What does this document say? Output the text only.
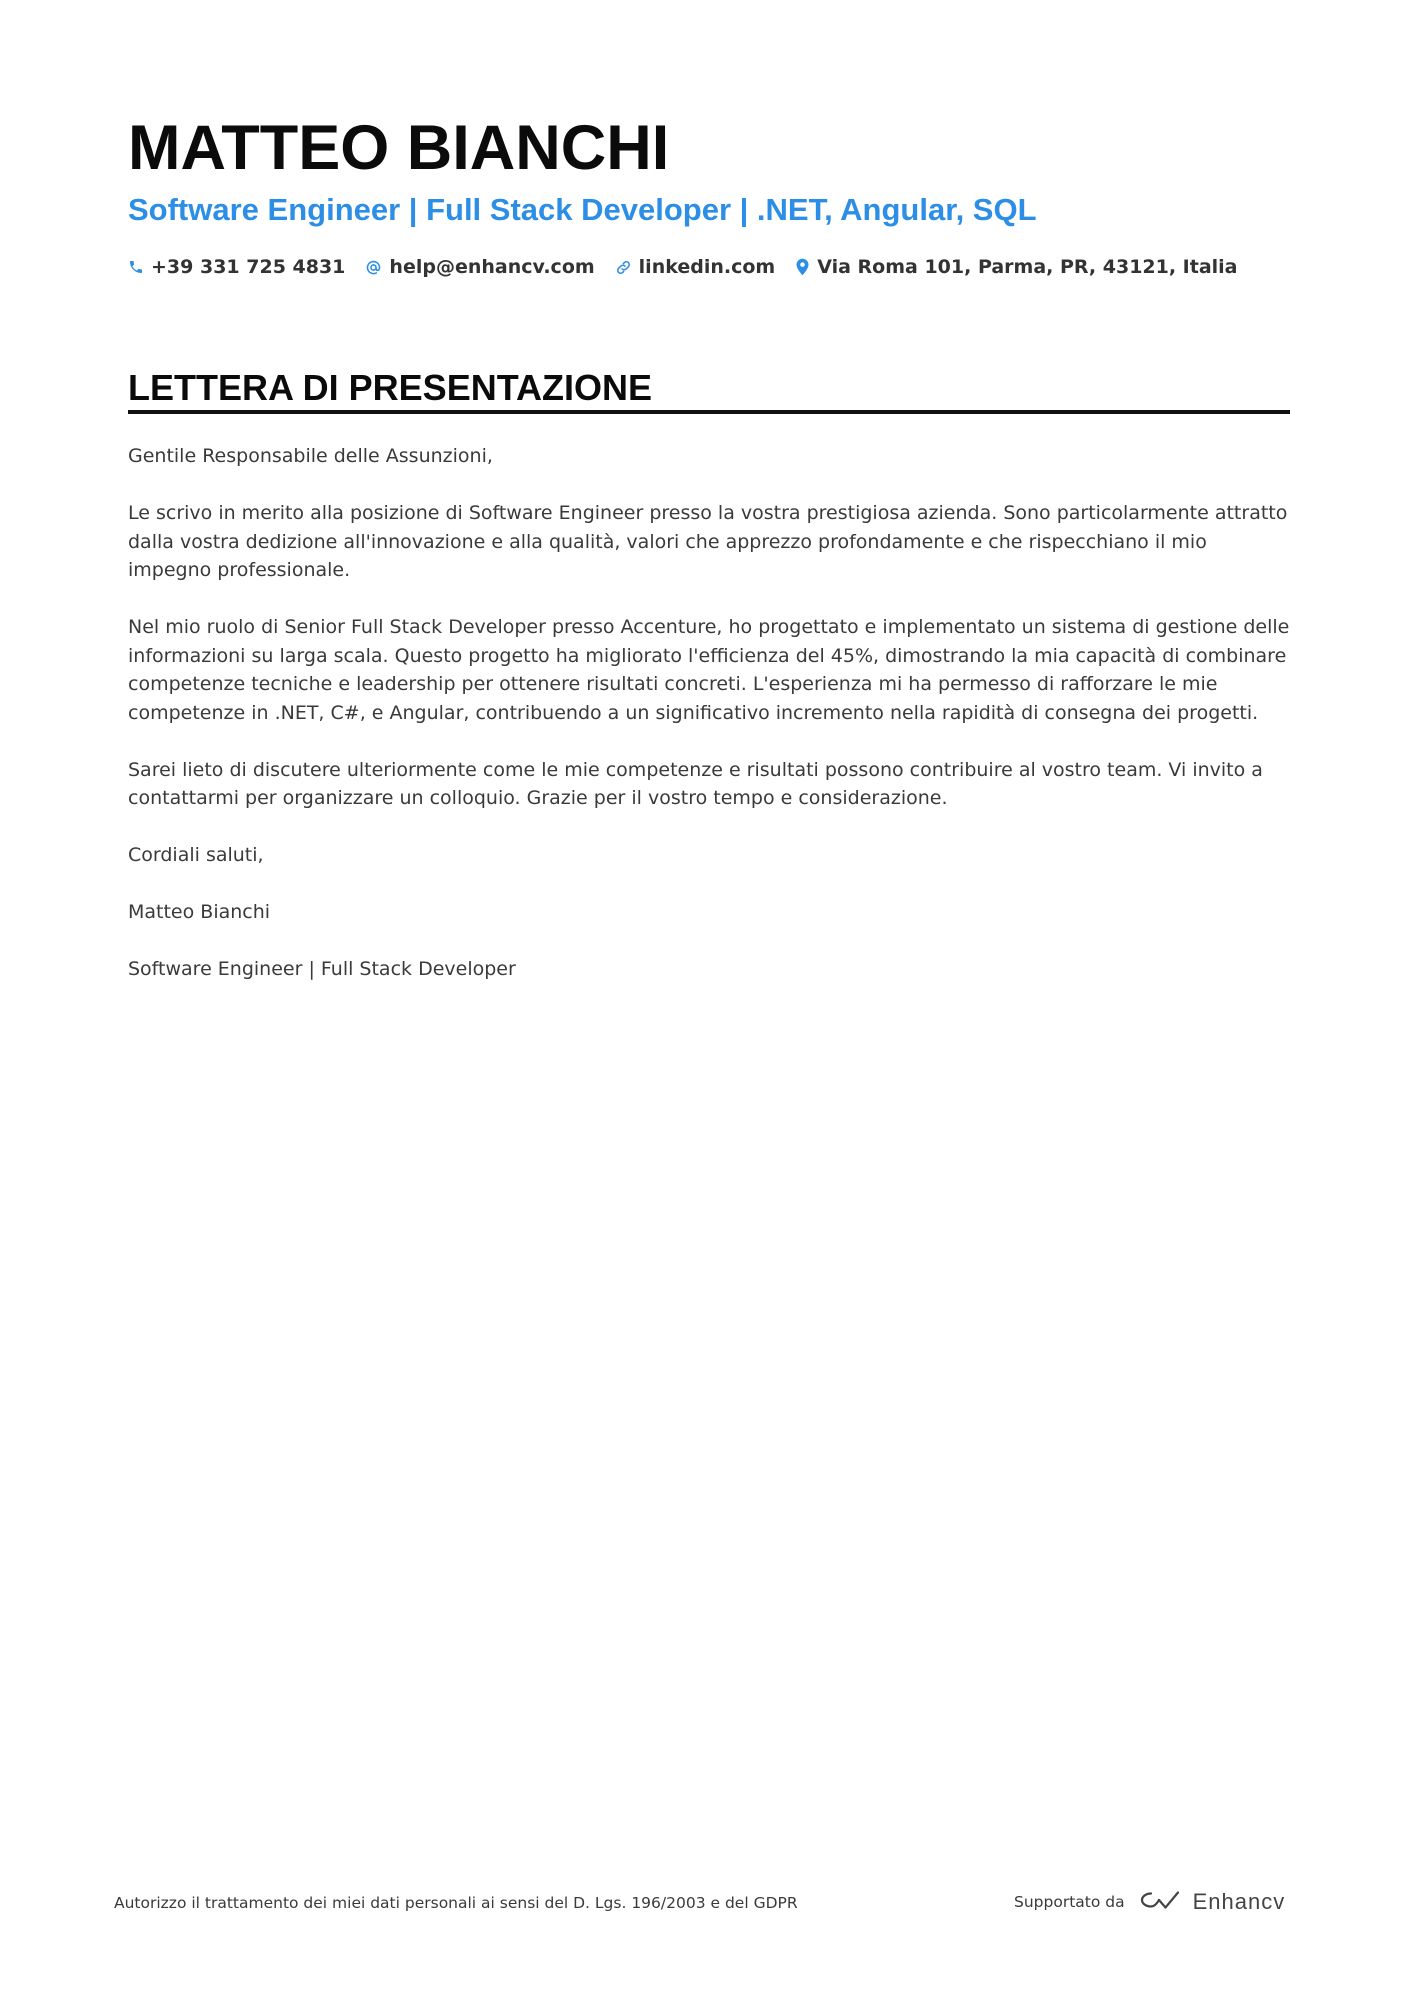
MATTEO BIANCHI
Software Engineer | Full Stack Developer | .NET, Angular, SQL
+39 331 725 4831 help@enhancv.com linkedin.com Via Roma 101, Parma, PR, 43121, Italia
LETTERA DI PRESENTAZIONE

Gentile Responsabile delle Assunzioni,

Le scrivo in merito alla posizione di Software Engineer presso la vostra prestigiosa azienda. Sono particolarmente attratto dalla vostra dedizione all'innovazione e alla qualità, valori che apprezzo profondamente e che rispecchiano il mio impegno professionale.

Nel mio ruolo di Senior Full Stack Developer presso Accenture, ho progettato e implementato un sistema di gestione delle informazioni su larga scala. Questo progetto ha migliorato l'efficienza del 45%, dimostrando la mia capacità di combinare competenze tecniche e leadership per ottenere risultati concreti. L'esperienza mi ha permesso di rafforzare le mie competenze in .NET, C#, e Angular, contribuendo a un significativo incremento nella rapidità di consegna dei progetti.

Sarei lieto di discutere ulteriormente come le mie competenze e risultati possono contribuire al vostro team. Vi invito a contattarmi per organizzare un colloquio. Grazie per il vostro tempo e considerazione.

Cordiali saluti,

Matteo Bianchi

Software Engineer | Full Stack Developer

Autorizzo il trattamento dei miei dati personali ai sensi del D. Lgs. 196/2003 e del GDPR	Supportato da	Enhancv
